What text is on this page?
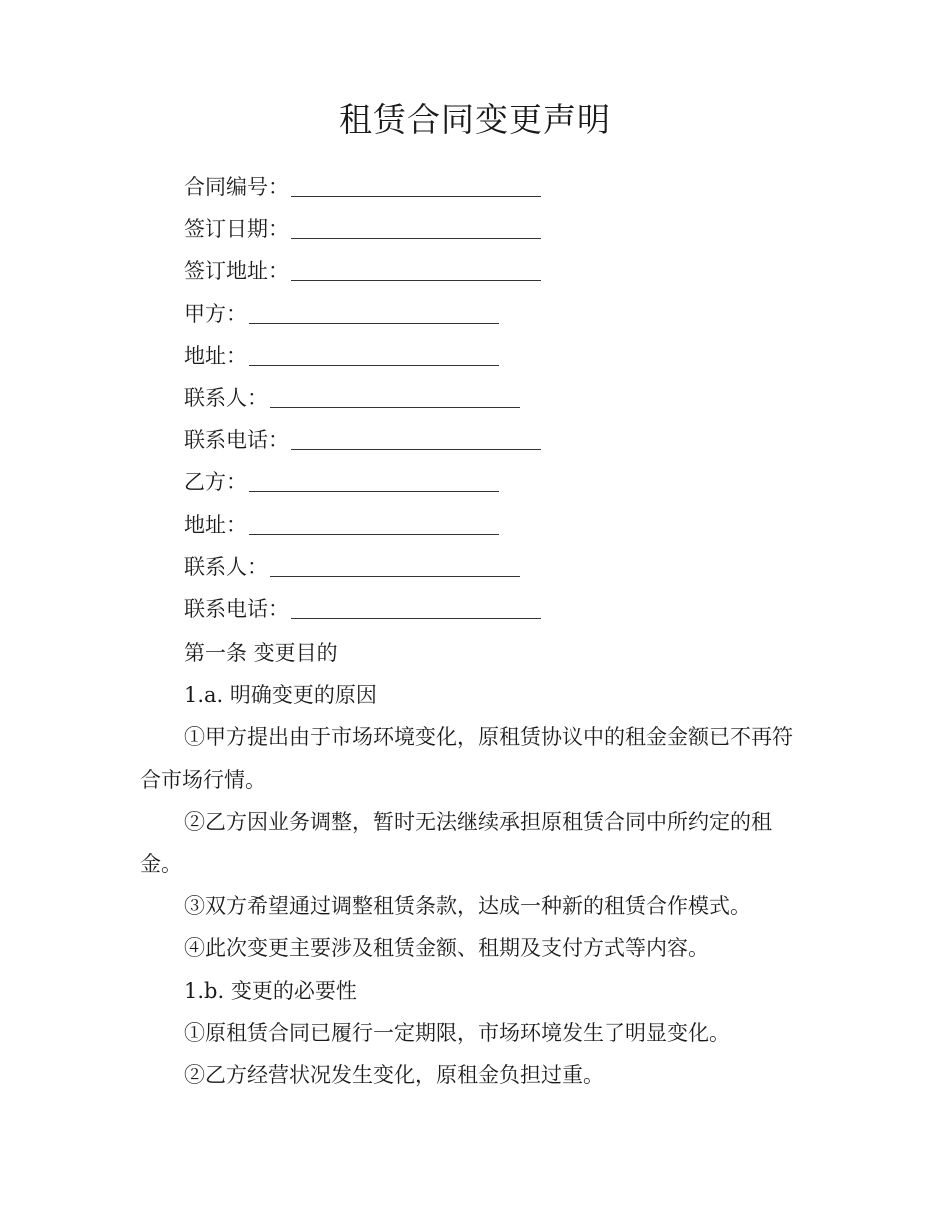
租赁合同变更声明
合同编号：
签订日期：
签订地址：
甲方：
地址：
联系人：
联系电话：
乙方：
地址：
联系人：
联系电话：

第一条 变更目的

1.a. 明确变更的原因

①甲方提出由于市场环境变化，原租赁协议中的租金金额已不再符合市场行情。

②乙方因业务调整，暂时无法继续承担原租赁合同中所约定的租金。

③双方希望通过调整租赁条款，达成一种新的租赁合作模式。

④此次变更主要涉及租赁金额、租期及支付方式等内容。

1.b. 变更的必要性

①原租赁合同已履行一定期限，市场环境发生了明显变化。

②乙方经营状况发生变化，原租金负担过重。
